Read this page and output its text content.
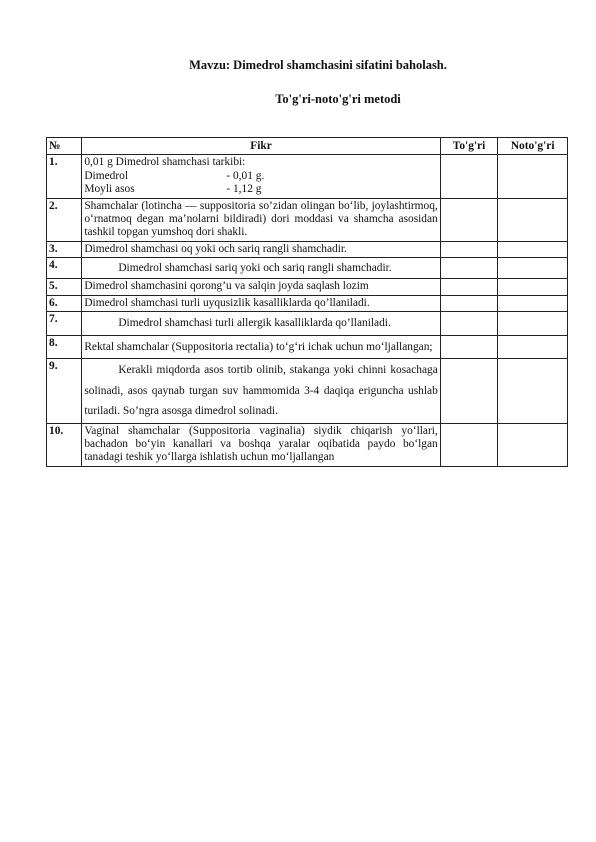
Mavzu: Dimedrol shamchasini sifatini baholash.
To'g'ri-noto'g'ri metodi
№	Fikr	To'g'ri	Noto'g'ri
1.	0,01 g Dimedrol shamchasi tarkibi:
Dimedrol - 0,01 g.
Moyli asos - 1,12 g		

2.	Shamchalar (lotincha — suppositoria so’zidan olingan bo‘lib, joylashtirmoq, o‘rnatmoq degan ma’nolarni bildiradi) dori moddasi va shamcha asosidan tashkil topgan yumshoq dori shakli.		
3.	Dimedrol shamchasi oq yoki och sariq rangli shamchadir.		
4.	Dimedrol shamchasi sariq yoki och sariq rangli shamchadir.		
5.	Dimedrol shamchasini qorong’u va salqin joyda saqlash lozim		
6.	Dimedrol shamchasi turli uyqusizlik kasalliklarda qo’llaniladi.		
7.	Dimedrol shamchasi turli allergik kasalliklarda qo’llaniladi.		
8.	Rektal shamchalar (Suppositoria rectalia) to‘g‘ri ichak uchun mo‘ljallangan;		
9.	Kerakli miqdorda asos tortib olinib, stakanga yoki chinni kosachaga solinadi, asos qaynab turgan suv hammomida 3-4 daqiqa eriguncha ushlab turiladi. So’ngra asosga dimedrol solinadi.		
10.	Vaginal shamchalar (Suppositoria vaginalia) siydik chiqarish yo‘llari, bachadon bo‘yin kanallari va boshqa yaralar oqibatida paydo bo‘lgan tanadagi teshik yo‘llarga ishlatish uchun mo‘ljallangan		
